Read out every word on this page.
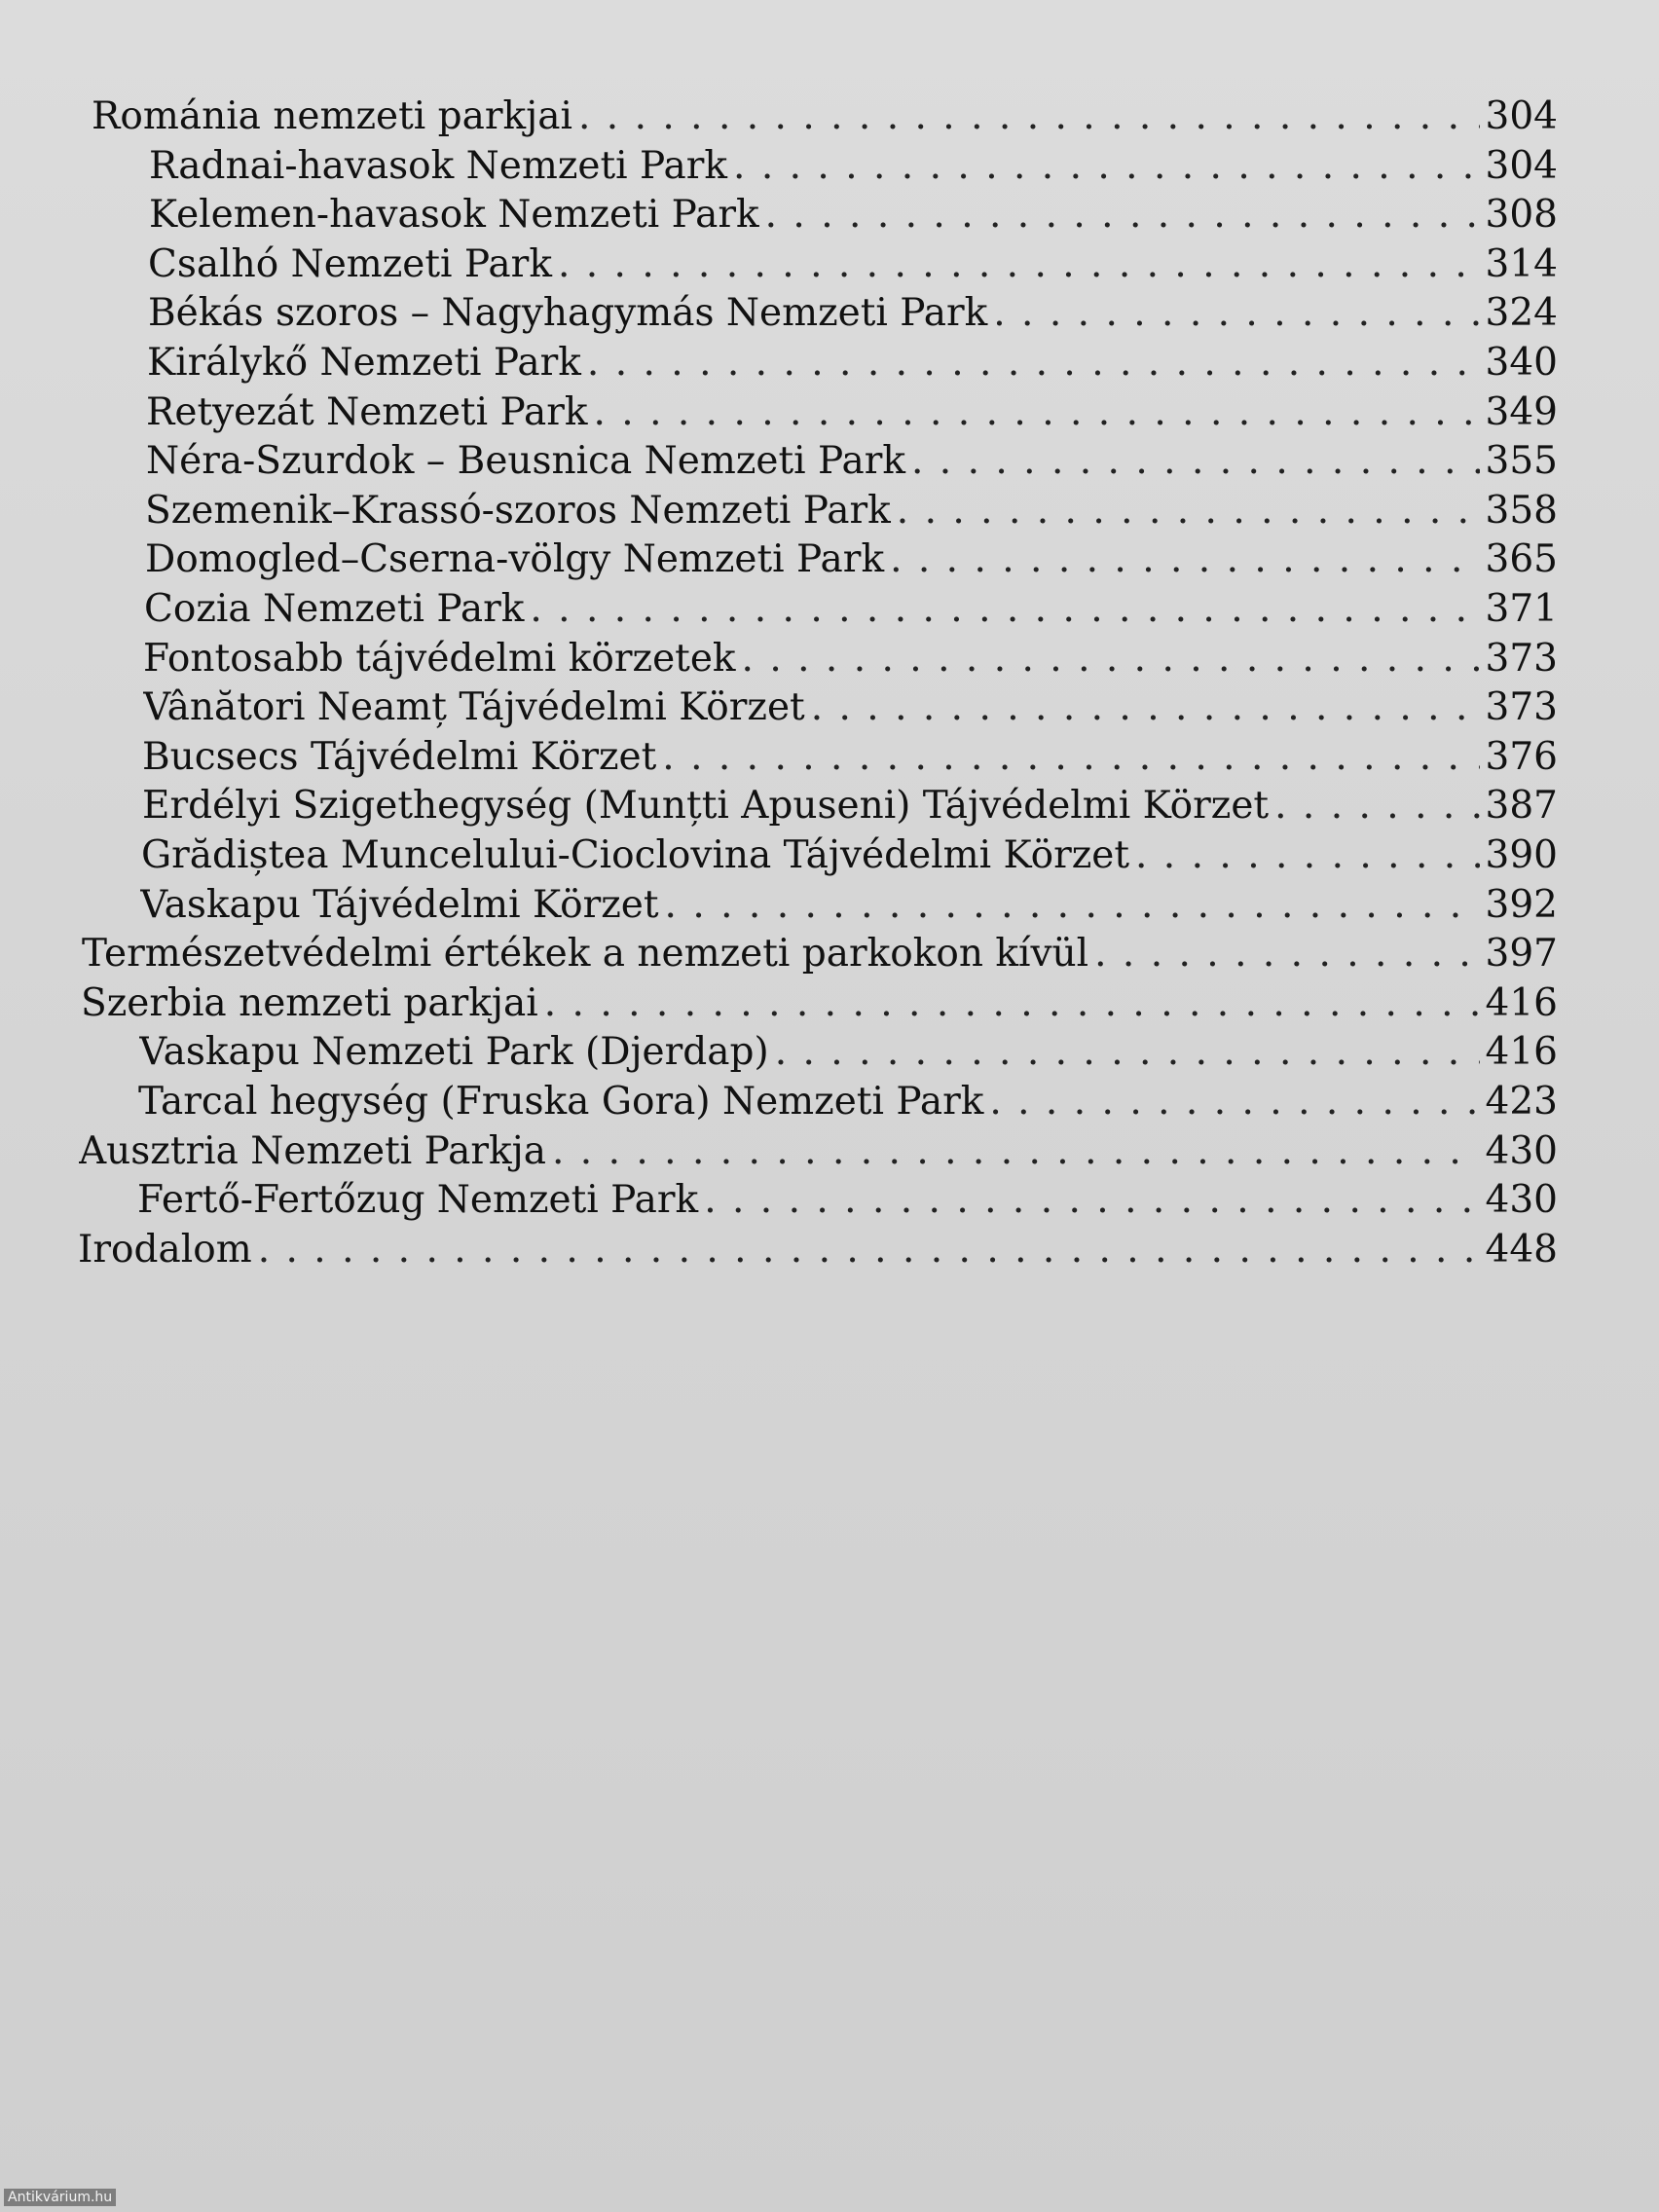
Románia nemzeti parkjai . . .	304
Radnai-havasok Nemzeti Park . . .	304
Kelemen-havasok Nemzeti Park . . .	308
Csalhó Nemzeti Park . . .	314
Békás szoros – Nagyhagymás Nemzeti Park . . .	324
Királykő Nemzeti Park . . .	340
Retyezát Nemzeti Park . . .	349
Néra-Szurdok – Beusnica Nemzeti Park . . .	355
Szemenik–Krassó-szoros Nemzeti Park . . .	358
Domogled–Cserna-völgy Nemzeti Park . . .	365
Cozia Nemzeti Park . . .	371
Fontosabb tájvédelmi körzetek . . .	373
Vânători Neamț Tájvédelmi Körzet . . .	373
Bucsecs Tájvédelmi Körzet . . .	376
Erdélyi Szigethegység (Munțti Apuseni) Tájvédelmi Körzet . . .	387
Grădiștea Muncelului-Cioclovina Tájvédelmi Körzet . . .	390
Vaskapu Tájvédelmi Körzet . . .	392
Természetvédelmi értékek a nemzeti parkokon kívül . . .	397
Szerbia nemzeti parkjai . . .	416
Vaskapu Nemzeti Park (Djerdap) . . .	416
Tarcal hegység (Fruska Gora) Nemzeti Park . . .	423
Ausztria Nemzeti Parkja . . .	430
Fertő-Fertőzug Nemzeti Park . . .	430
Irodalom . . .	448
Antikvárium.hu
